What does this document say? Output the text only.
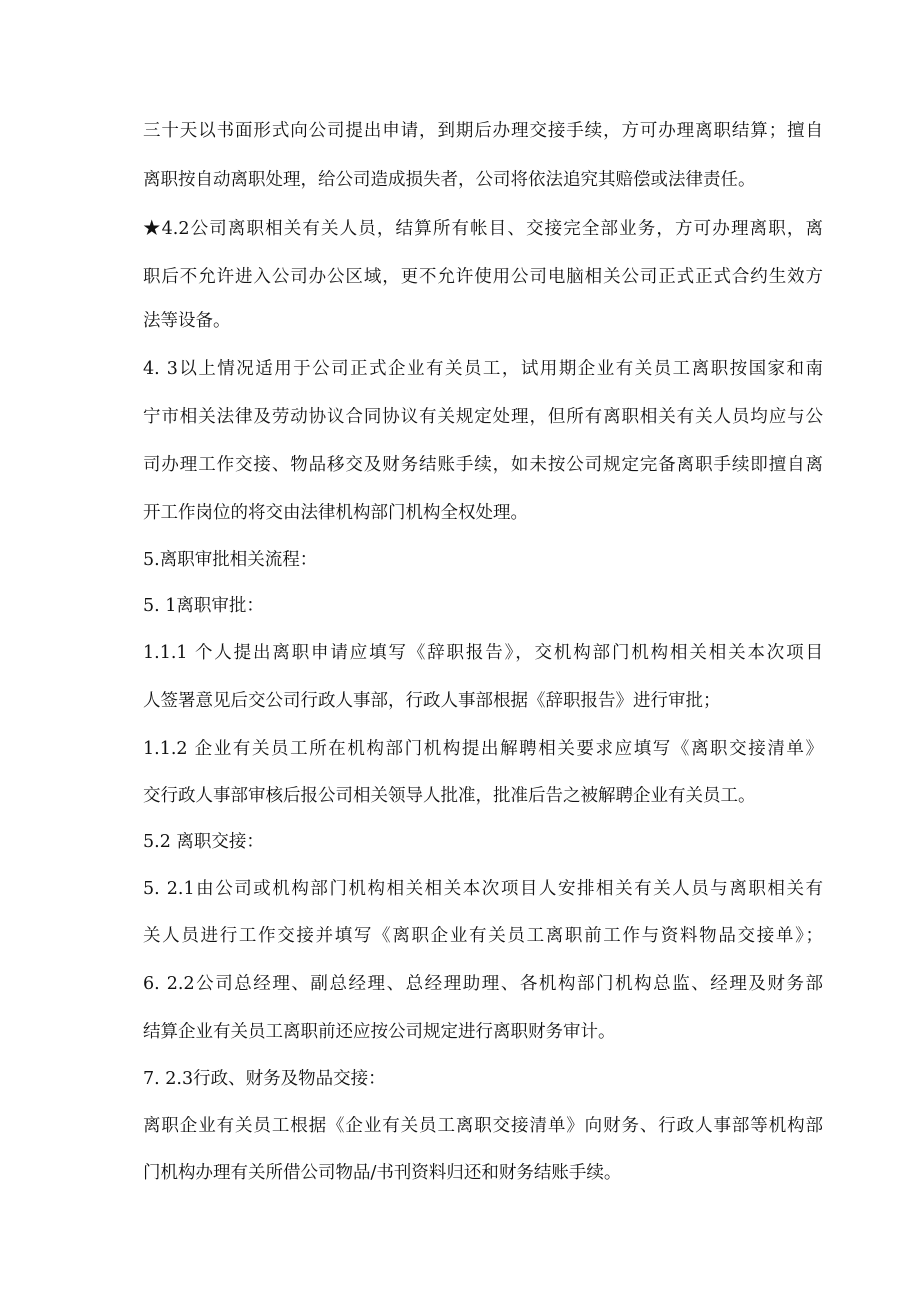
三十天以书面形式向公司提出申请，到期后办理交接手续，方可办理离职结算；擅自
离职按自动离职处理，给公司造成损失者，公司将依法追究其赔偿或法律责任。
★4.2公司离职相关有关人员，结算所有帐目、交接完全部业务，方可办理离职，离
职后不允许进入公司办公区域，更不允许使用公司电脑相关公司正式正式合约生效方
法等设备。
4. 3以上情况适用于公司正式企业有关员工，试用期企业有关员工离职按国家和南
宁市相关法律及劳动协议合同协议有关规定处理，但所有离职相关有关人员均应与公
司办理工作交接、物品移交及财务结账手续，如未按公司规定完备离职手续即擅自离
开工作岗位的将交由法律机构部门机构全权处理。
5.离职审批相关流程：
5. 1离职审批：
1.1.1 个人提出离职申请应填写《辞职报告》，交机构部门机构相关相关本次项目
人签署意见后交公司行政人事部，行政人事部根据《辞职报告》进行审批；
1.1.2 企业有关员工所在机构部门机构提出解聘相关要求应填写《离职交接清单》
交行政人事部审核后报公司相关领导人批准，批准后告之被解聘企业有关员工。
5.2 离职交接：
5. 2.1由公司或机构部门机构相关相关本次项目人安排相关有关人员与离职相关有
关人员进行工作交接并填写《离职企业有关员工离职前工作与资料物品交接单》；
6. 2.2公司总经理、副总经理、总经理助理、各机构部门机构总监、经理及财务部
结算企业有关员工离职前还应按公司规定进行离职财务审计。
7. 2.3行政、财务及物品交接：
离职企业有关员工根据《企业有关员工离职交接清单》向财务、行政人事部等机构部
门机构办理有关所借公司物品/书刊资料归还和财务结账手续。
